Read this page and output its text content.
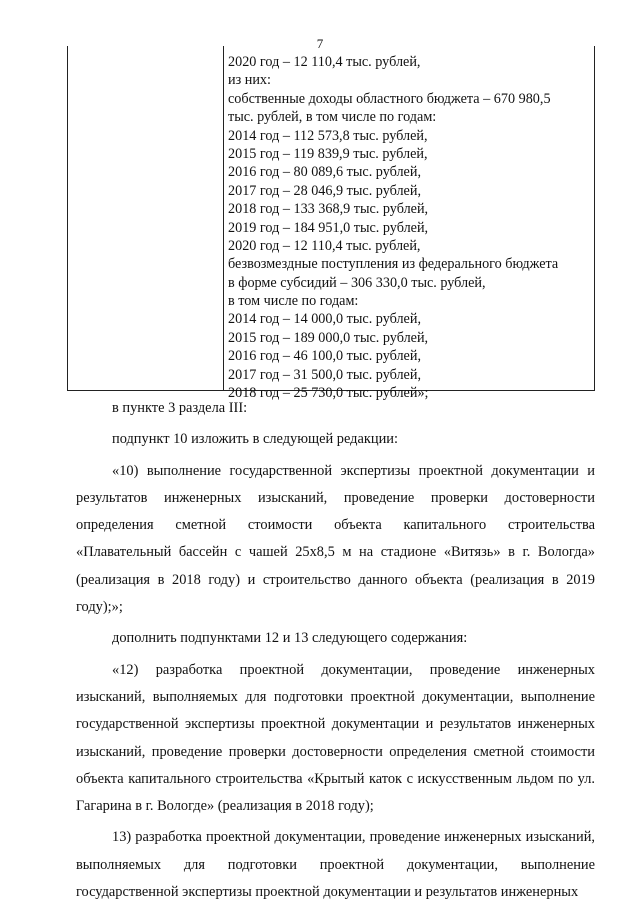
7
2020 год – 12 110,4 тыс. рублей,
из них:
собственные доходы областного бюджета – 670 980,5
тыс. рублей, в том числе по годам:
2014 год – 112 573,8 тыс. рублей,
2015 год – 119 839,9 тыс. рублей,
2016 год – 80 089,6 тыс. рублей,
2017 год – 28 046,9 тыс. рублей,
2018 год – 133 368,9 тыс. рублей,
2019 год – 184 951,0 тыс. рублей,
2020 год – 12 110,4 тыс. рублей,
безвозмездные поступления из федерального бюджета
в форме субсидий – 306 330,0 тыс. рублей,
в том числе по годам:
2014 год – 14 000,0 тыс. рублей,
2015 год – 189 000,0 тыс. рублей,
2016 год – 46 100,0 тыс. рублей,
2017 год – 31 500,0 тыс. рублей,
2018 год – 25 730,0 тыс. рублей»;

в пункте 3 раздела III:

подпункт 10 изложить в следующей редакции:

«10) выполнение государственной экспертизы проектной документации и результатов инженерных изысканий, проведение проверки достоверности определения сметной стоимости объекта капитального строительства «Плавательный бассейн с чашей 25х8,5 м на стадионе «Витязь» в г. Вологда» (реализация в 2018 году) и строительство данного объекта (реализация в 2019 году);»;

дополнить подпунктами 12 и 13 следующего содержания:

«12) разработка проектной документации, проведение инженерных изысканий, выполняемых для подготовки проектной документации, выполнение государственной экспертизы проектной документации и результатов инженерных изысканий, проведение проверки достоверности определения сметной стоимости объекта капитального строительства «Крытый каток с искусственным льдом по ул. Гагарина в г. Вологде» (реализация в 2018 году);

13) разработка проектной документации, проведение инженерных изысканий, выполняемых для подготовки проектной документации, выполнение государственной экспертизы проектной документации и результатов инженерных
